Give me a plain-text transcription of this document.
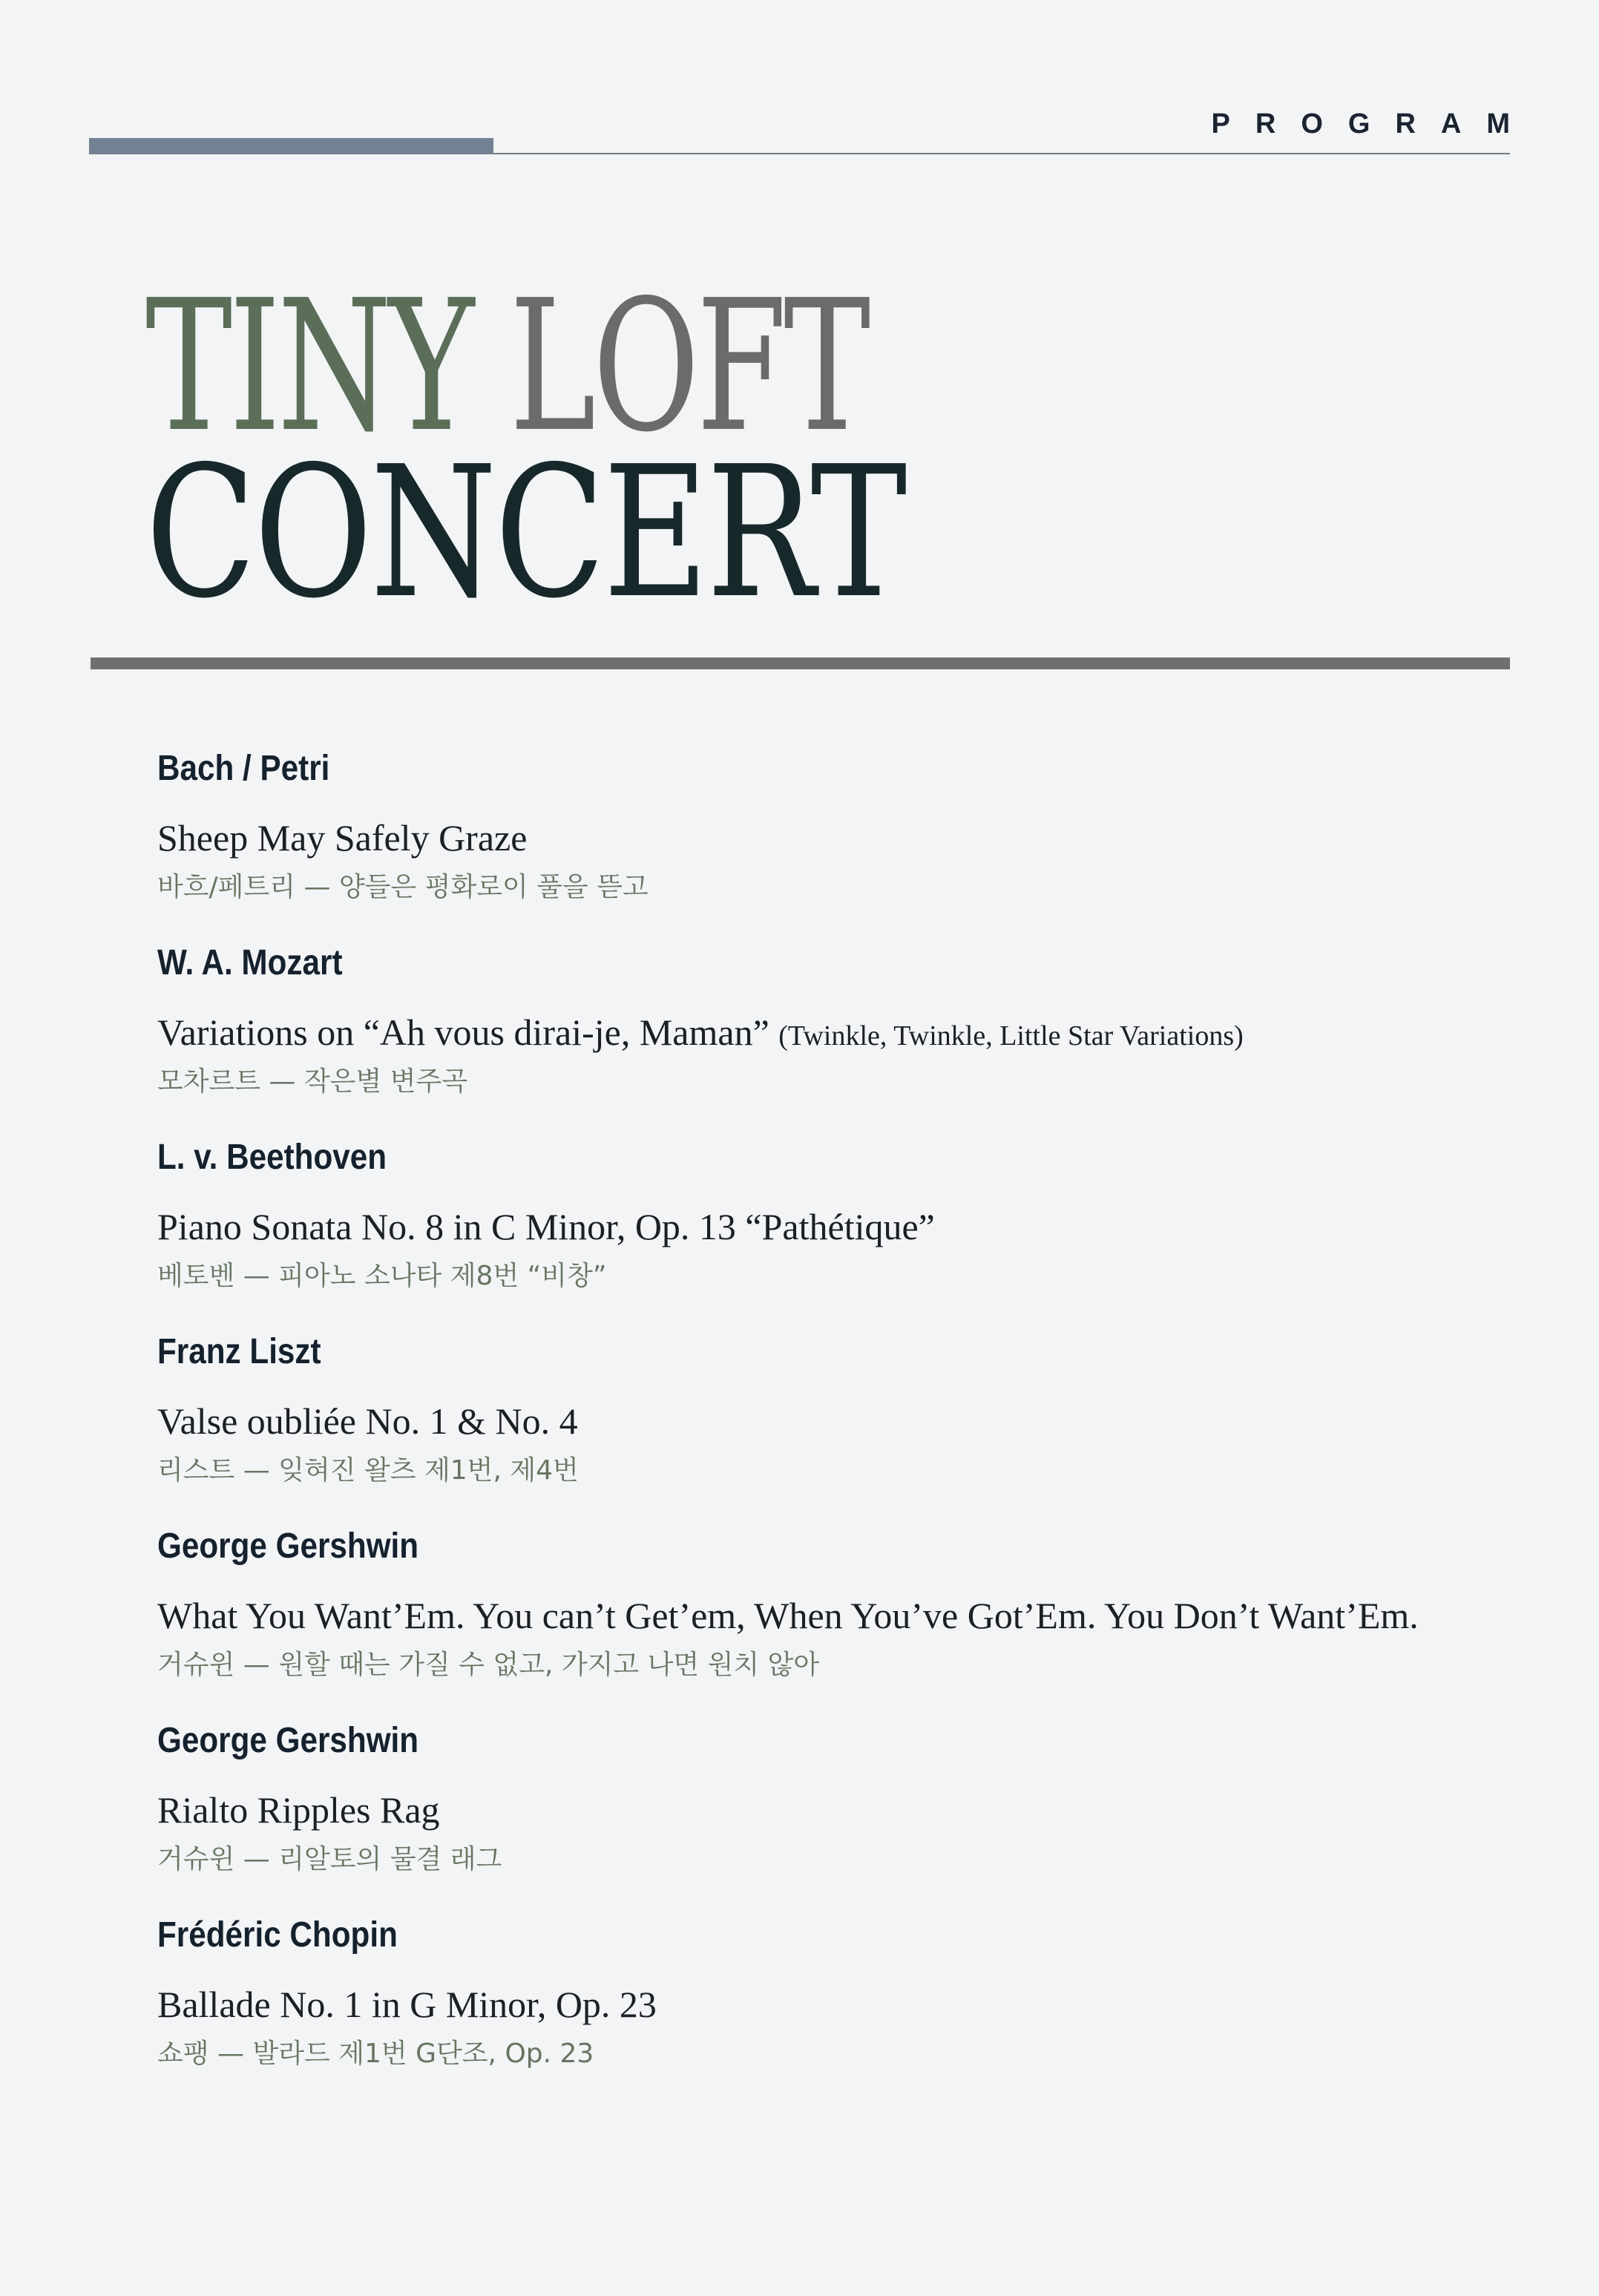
PROGRAM
TINY LOFT
CONCERT
Bach / Petri
Sheep May Safely Graze
바흐/페트리 — 양들은 평화로이 풀을 뜯고
W. A. Mozart
Variations on “Ah vous dirai-je, Maman” (Twinkle, Twinkle, Little Star Variations)
모차르트 — 작은별 변주곡
L. v. Beethoven
Piano Sonata No. 8 in C Minor, Op. 13 “Pathétique”
베토벤 — 피아노 소나타 제8번 “비창”
Franz Liszt
Valse oubliée No. 1 & No. 4
리스트 — 잊혀진 왈츠 제1번, 제4번
George Gershwin
What You Want’Em. You can’t Get’em, When You’ve Got’Em. You Don’t Want’Em.
거슈윈 — 원할 때는 가질 수 없고, 가지고 나면 원치 않아
George Gershwin
Rialto Ripples Rag
거슈윈 — 리알토의 물결 래그
Frédéric Chopin
Ballade No. 1 in G Minor, Op. 23
쇼팽 — 발라드 제1번 G단조, Op. 23
